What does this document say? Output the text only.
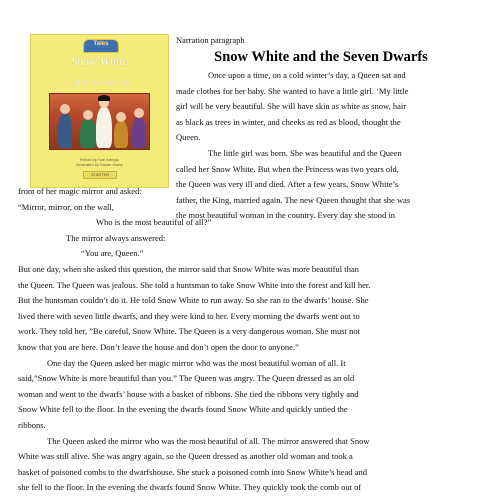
Tales
Snow White
and the Seven Dwarfs
Retold by Sue Arengo
Illustrated by Susan Hains
STARTER
Narration paragraph
Snow White and the Seven Dwarfs
Once upon a time, on a cold winter’s day, a Queen sat and
made clothes for her baby. She wanted to have a little girl. ‘My little
girl will be very beautiful. She will have skin as white as snow, hair
as black as trees in winter, and cheeks as red as blood, thought the
Queen.
The little girl was born. She was beautiful and the Queen
called her Snow White. But when the Princess was two years old,
the Queen was very ill and died. After a few years, Snow White’s
father, the King, married again. The new Queen thought that she was
the most beautiful woman in the country. Every day she stood in
front of her magic mirror and asked:
“Mirror, mirror, on the wall,
Who is the most beautiful of all?”
The mirror always answered:
“You are, Queen.”
But one day, when she asked this question, the mirror said that Snow White was more beautiful than
the Queen. The Queen was jealous. She told a huntsman to take Snow White into the forest and kill her.
But the huntsman couldn’t do it. He told Snow White to run away. So she ran to the dwarfs’ house. She
lived there with seven little dwarfs, and they were kind to her. Every morning the dwarfs went out to
work. They told her, ”Be careful, Snow White. The Queen is a very dangerous woman. She must not
know that you are here. Don’t leave the house and don’t open the door to anyone.”
One day the Queen asked her magic mirror who was the most beautiful woman of all. It
said,”Snow White is more beautiful than you.” The Queen was angry. The Queen dressed as an old
woman and went to the dwarfs’ house with a basket of ribbons. She tied the ribbons very tightly and
Snow White fell to the floor. In the evening the dwarfs found Snow White and quickly untied the
ribbons.
The Queen asked the mirror who was the most beautiful of all. The mirror answered that Snow
White was still alive. She was angry again, so the Queen dressed as another old woman and took a
basket of poisoned combs to the dwarfshouse. She stuck a poisoned comb into Snow White’s head and
she fell to the floor. In the evening the dwarfs found Snow White. They quickly took the comb out of
